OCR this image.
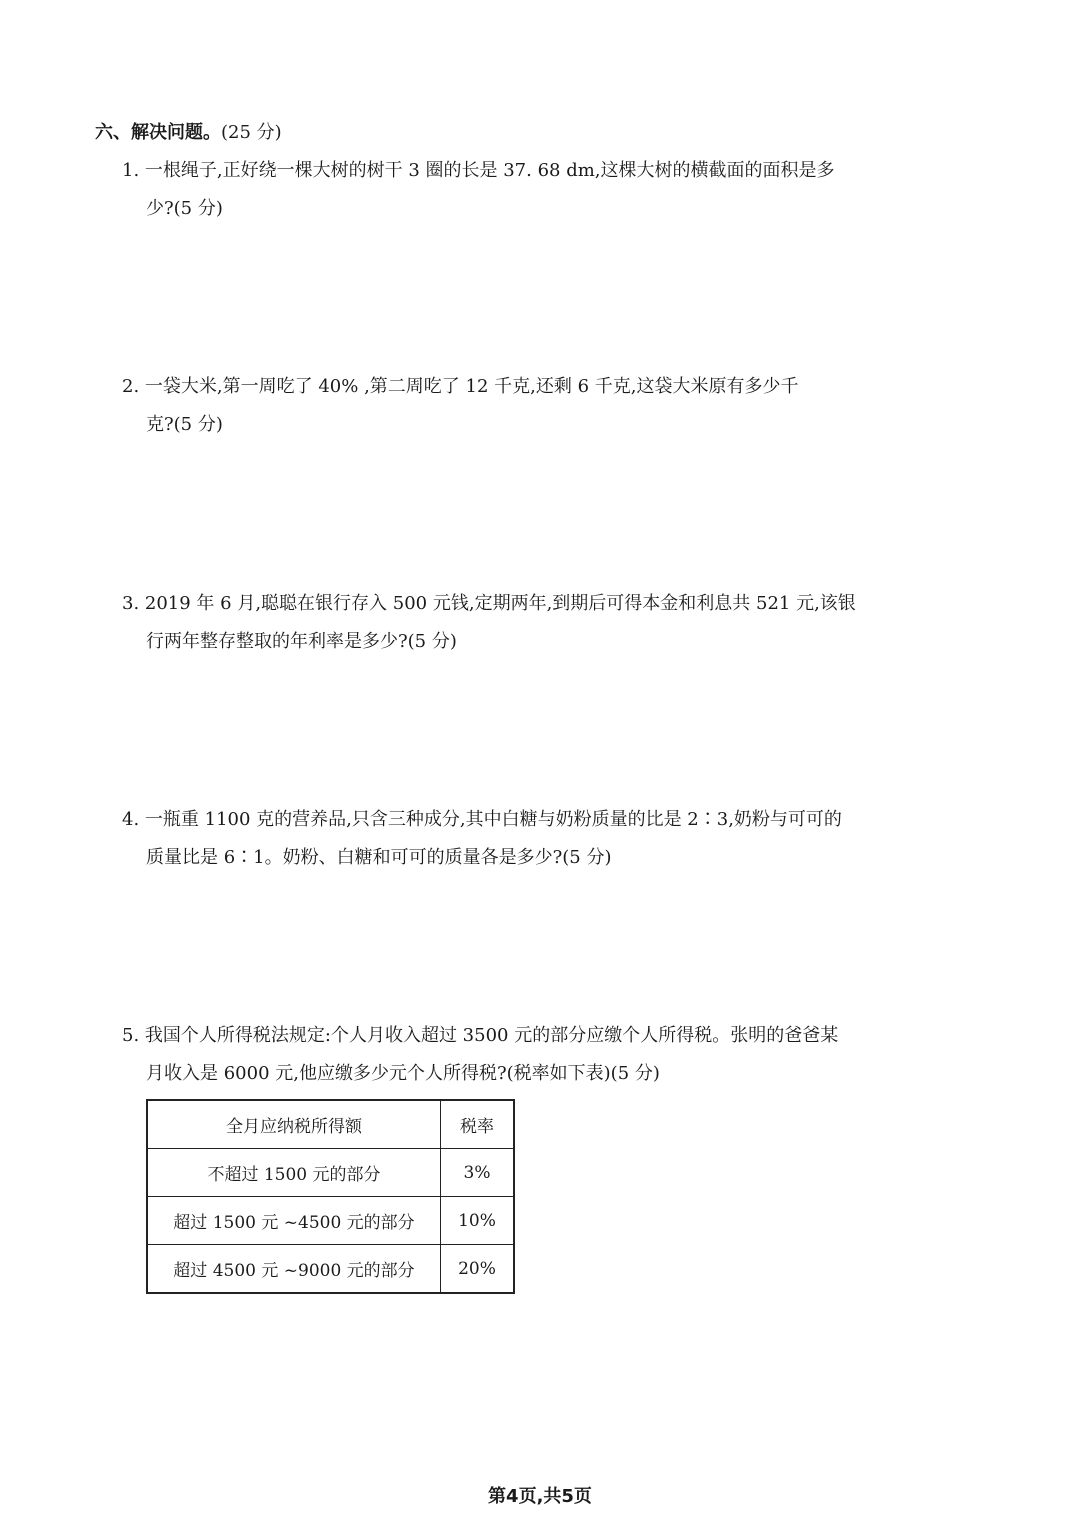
六、解决问题。(25 分)
1. 一根绳子,正好绕一棵大树的树干 3 圈的长是 37. 68 dm,这棵大树的横截面的面积是多
少?(5 分)
2. 一袋大米,第一周吃了 40% ,第二周吃了 12 千克,还剩 6 千克,这袋大米原有多少千
克?(5 分)
3. 2019 年 6 月,聪聪在银行存入 500 元钱,定期两年,到期后可得本金和利息共 521 元,该银
行两年整存整取的年利率是多少?(5 分)
4. 一瓶重 1100 克的营养品,只含三种成分,其中白糖与奶粉质量的比是 2∶3,奶粉与可可的
质量比是 6∶1。奶粉、白糖和可可的质量各是多少?(5 分)
5. 我国个人所得税法规定:个人月收入超过 3500 元的部分应缴个人所得税。张明的爸爸某
月收入是 6000 元,他应缴多少元个人所得税?(税率如下表)(5 分)
全月应纳税所得额	税率
不超过 1500 元的部分	3%
超过 1500 元 ~4500 元的部分	10%
超过 4500 元 ~9000 元的部分	20%
第4页,共5页
